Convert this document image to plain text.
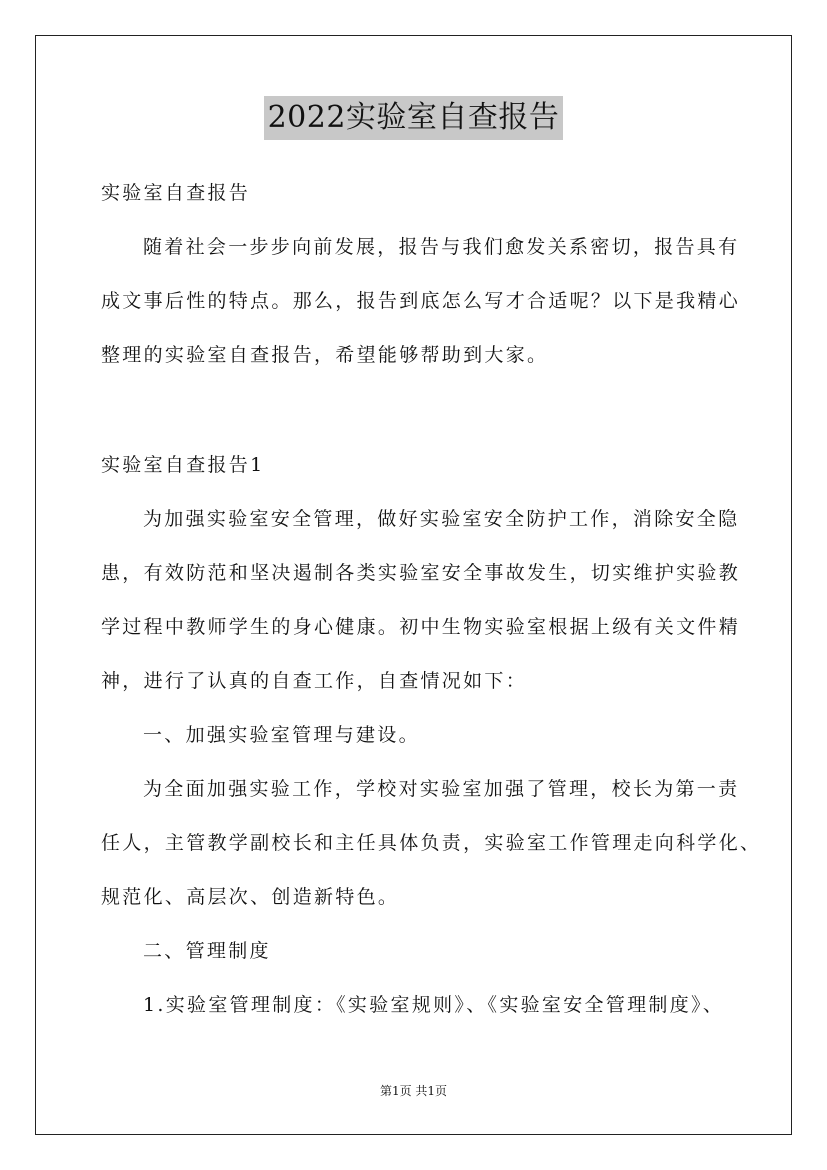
2022实验室自查报告
实验室自查报告
随着社会一步步向前发展，报告与我们愈发关系密切，报告具有
成文事后性的特点。那么，报告到底怎么写才合适呢？以下是我精心
整理的实验室自查报告，希望能够帮助到大家。
实验室自查报告1
为加强实验室安全管理，做好实验室安全防护工作，消除安全隐
患，有效防范和坚决遏制各类实验室安全事故发生，切实维护实验教
学过程中教师学生的身心健康。初中生物实验室根据上级有关文件精
神，进行了认真的自查工作，自查情况如下：
一、加强实验室管理与建设。
为全面加强实验工作，学校对实验室加强了管理，校长为第一责
任人，主管教学副校长和主任具体负责，实验室工作管理走向科学化、
规范化、高层次、创造新特色。
二、管理制度
1.实验室管理制度：《实验室规则》、《实验室安全管理制度》、
第1页 共1页
